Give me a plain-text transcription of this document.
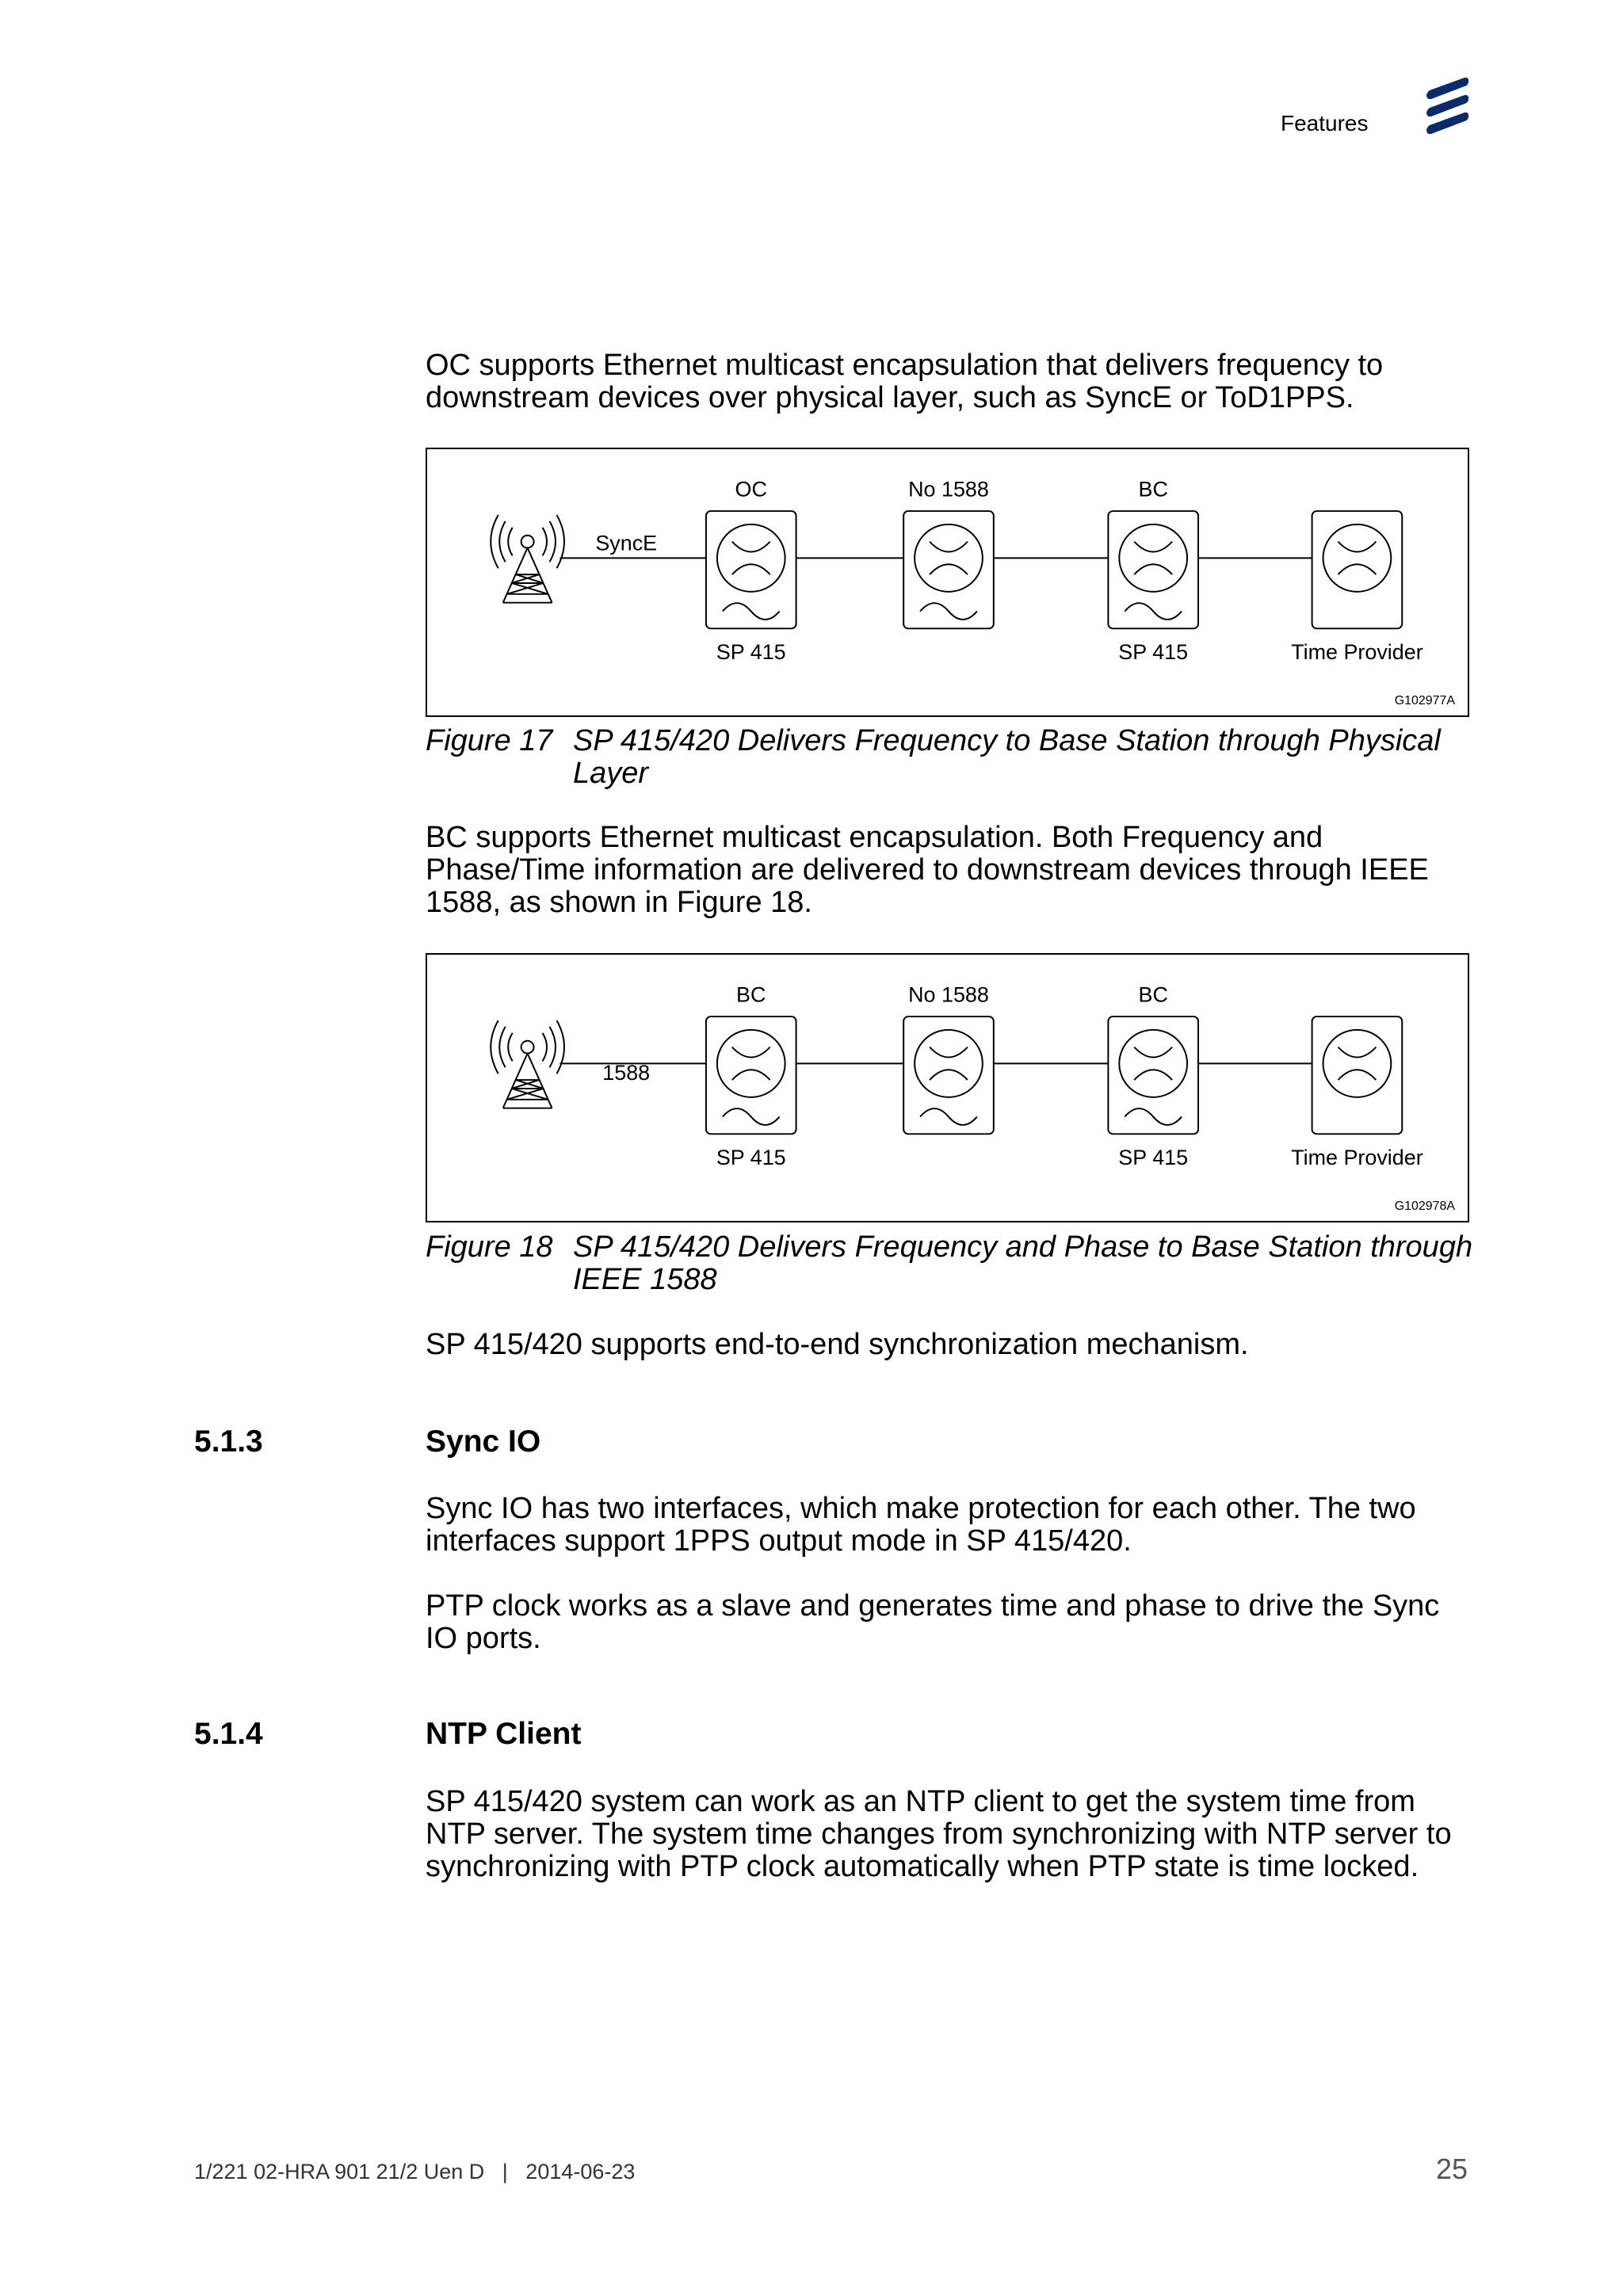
Features

OC supports Ethernet multicast encapsulation that delivers frequency to downstream devices over physical layer, such as SyncE or ToD1PPS.

OC	No 1588	BC
SyncE
SP 415	SP 415	Time Provider
G102977A
Figure 17 SP 415/420 Delivers Frequency to Base Station through Physical Layer

BC supports Ethernet multicast encapsulation. Both Frequency and Phase/Time information are delivered to downstream devices through IEEE 1588, as shown in Figure 18.

BC	No 1588	BC
1588
SP 415	SP 415	Time Provider
G102978A
Figure 18 SP 415/420 Delivers Frequency and Phase to Base Station through IEEE 1588

SP 415/420 supports end-to-end synchronization mechanism.

5.1.3	Sync IO

Sync IO has two interfaces, which make protection for each other. The two interfaces support 1PPS output mode in SP 415/420.

PTP clock works as a slave and generates time and phase to drive the Sync IO ports.

5.1.4	NTP Client

SP 415/420 system can work as an NTP client to get the system time from NTP server. The system time changes from synchronizing with NTP server to synchronizing with PTP clock automatically when PTP state is time locked.

1/221 02-HRA 901 21/2 Uen D | 2014-06-23	25
